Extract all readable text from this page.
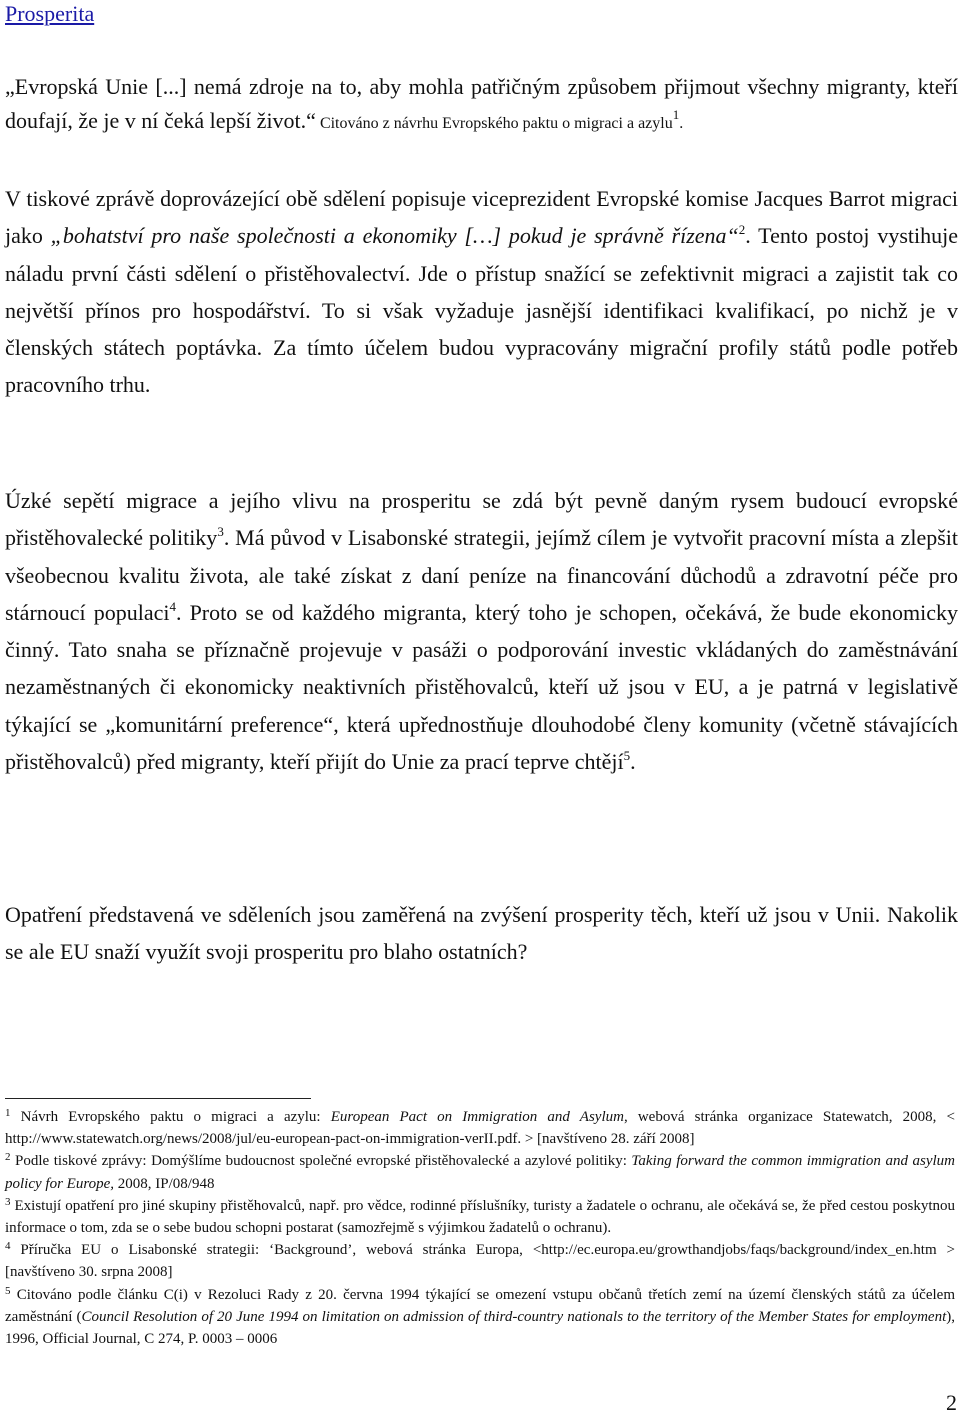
Prosperita

„Evropská Unie [...] nemá zdroje na to, aby mohla patřičným způsobem přijmout všechny migranty, kteří doufají, že je v ní čeká lepší život.“ Citováno z návrhu Evropského paktu o migraci a azylu$^1$.

V tiskové zprávě doprovázející obě sdělení popisuje viceprezident Evropské komise Jacques Barrot migraci jako „bohatství pro naše společnosti a ekonomiky […] pokud je správně řízena“$^2$. Tento postoj vystihuje náladu první části sdělení o přistěhovalectví. Jde o přístup snažící se zefektivnit migraci a zajistit tak co největší přínos pro hospodářství. To si však vyžaduje jasnější identifikaci kvalifikací, po nichž je v členských státech poptávka. Za tímto účelem budou vypracovány migrační profily států podle potřeb pracovního trhu.

Úzké sepětí migrace a jejího vlivu na prosperitu se zdá být pevně daným rysem budoucí evropské přistěhovalecké politiky$^3$. Má původ v Lisabonské strategii, jejímž cílem je vytvořit pracovní místa a zlepšit všeobecnou kvalitu života, ale také získat z daní peníze na financování důchodů a zdravotní péče pro stárnoucí populaci$^4$. Proto se od každého migranta, který toho je schopen, očekává, že bude ekonomicky činný. Tato snaha se příznačně projevuje v pasáži o podporování investic vkládaných do zaměstnávání nezaměstnaných či ekonomicky neaktivních přistěhovalců, kteří už jsou v EU, a je patrná v legislativě týkající se „komunitární preference“, která upřednostňuje dlouhodobé členy komunity (včetně stávajících přistěhovalců) před migranty, kteří přijít do Unie za prací teprve chtějí$^5$.

Opatření představená ve sděleních jsou zaměřená na zvýšení prosperity těch, kteří už jsou v Unii. Nakolik se ale EU snaží využít svoji prosperitu pro blaho ostatních?

$^1$ Návrh Evropského paktu o migraci a azylu: European Pact on Immigration and Asylum, webová stránka organizace Statewatch, 2008, < http://www.statewatch.org/news/2008/jul/eu-european-pact-on-immigration-verII.pdf. > [navštíveno 28. září 2008]

$^2$ Podle tiskové zprávy: Domýšlíme budoucnost společné evropské přistěhovalecké a azylové politiky: Taking forward the common immigration and asylum policy for Europe, 2008, IP/08/948

$^3$ Existují opatření pro jiné skupiny přistěhovalců, např. pro vědce, rodinné příslušníky, turisty a žadatele o ochranu, ale očekává se, že před cestou poskytnou informace o tom, zda se o sebe budou schopni postarat (samozřejmě s výjimkou žadatelů o ochranu).

$^4$ Příručka EU o Lisabonské strategii: ‘Background’, webová stránka Europa, <http://ec.europa.eu/growthandjobs/faqs/background/index_en.htm > [navštíveno 30. srpna 2008]

$^5$ Citováno podle článku C(i) v Rezoluci Rady z 20. června 1994 týkající se omezení vstupu občanů třetích zemí na území členských států za účelem zaměstnání (Council Resolution of 20 June 1994 on limitation on admission of third-country nationals to the territory of the Member States for employment), 1996, Official Journal, C 274, P. 0003 – 0006

2
